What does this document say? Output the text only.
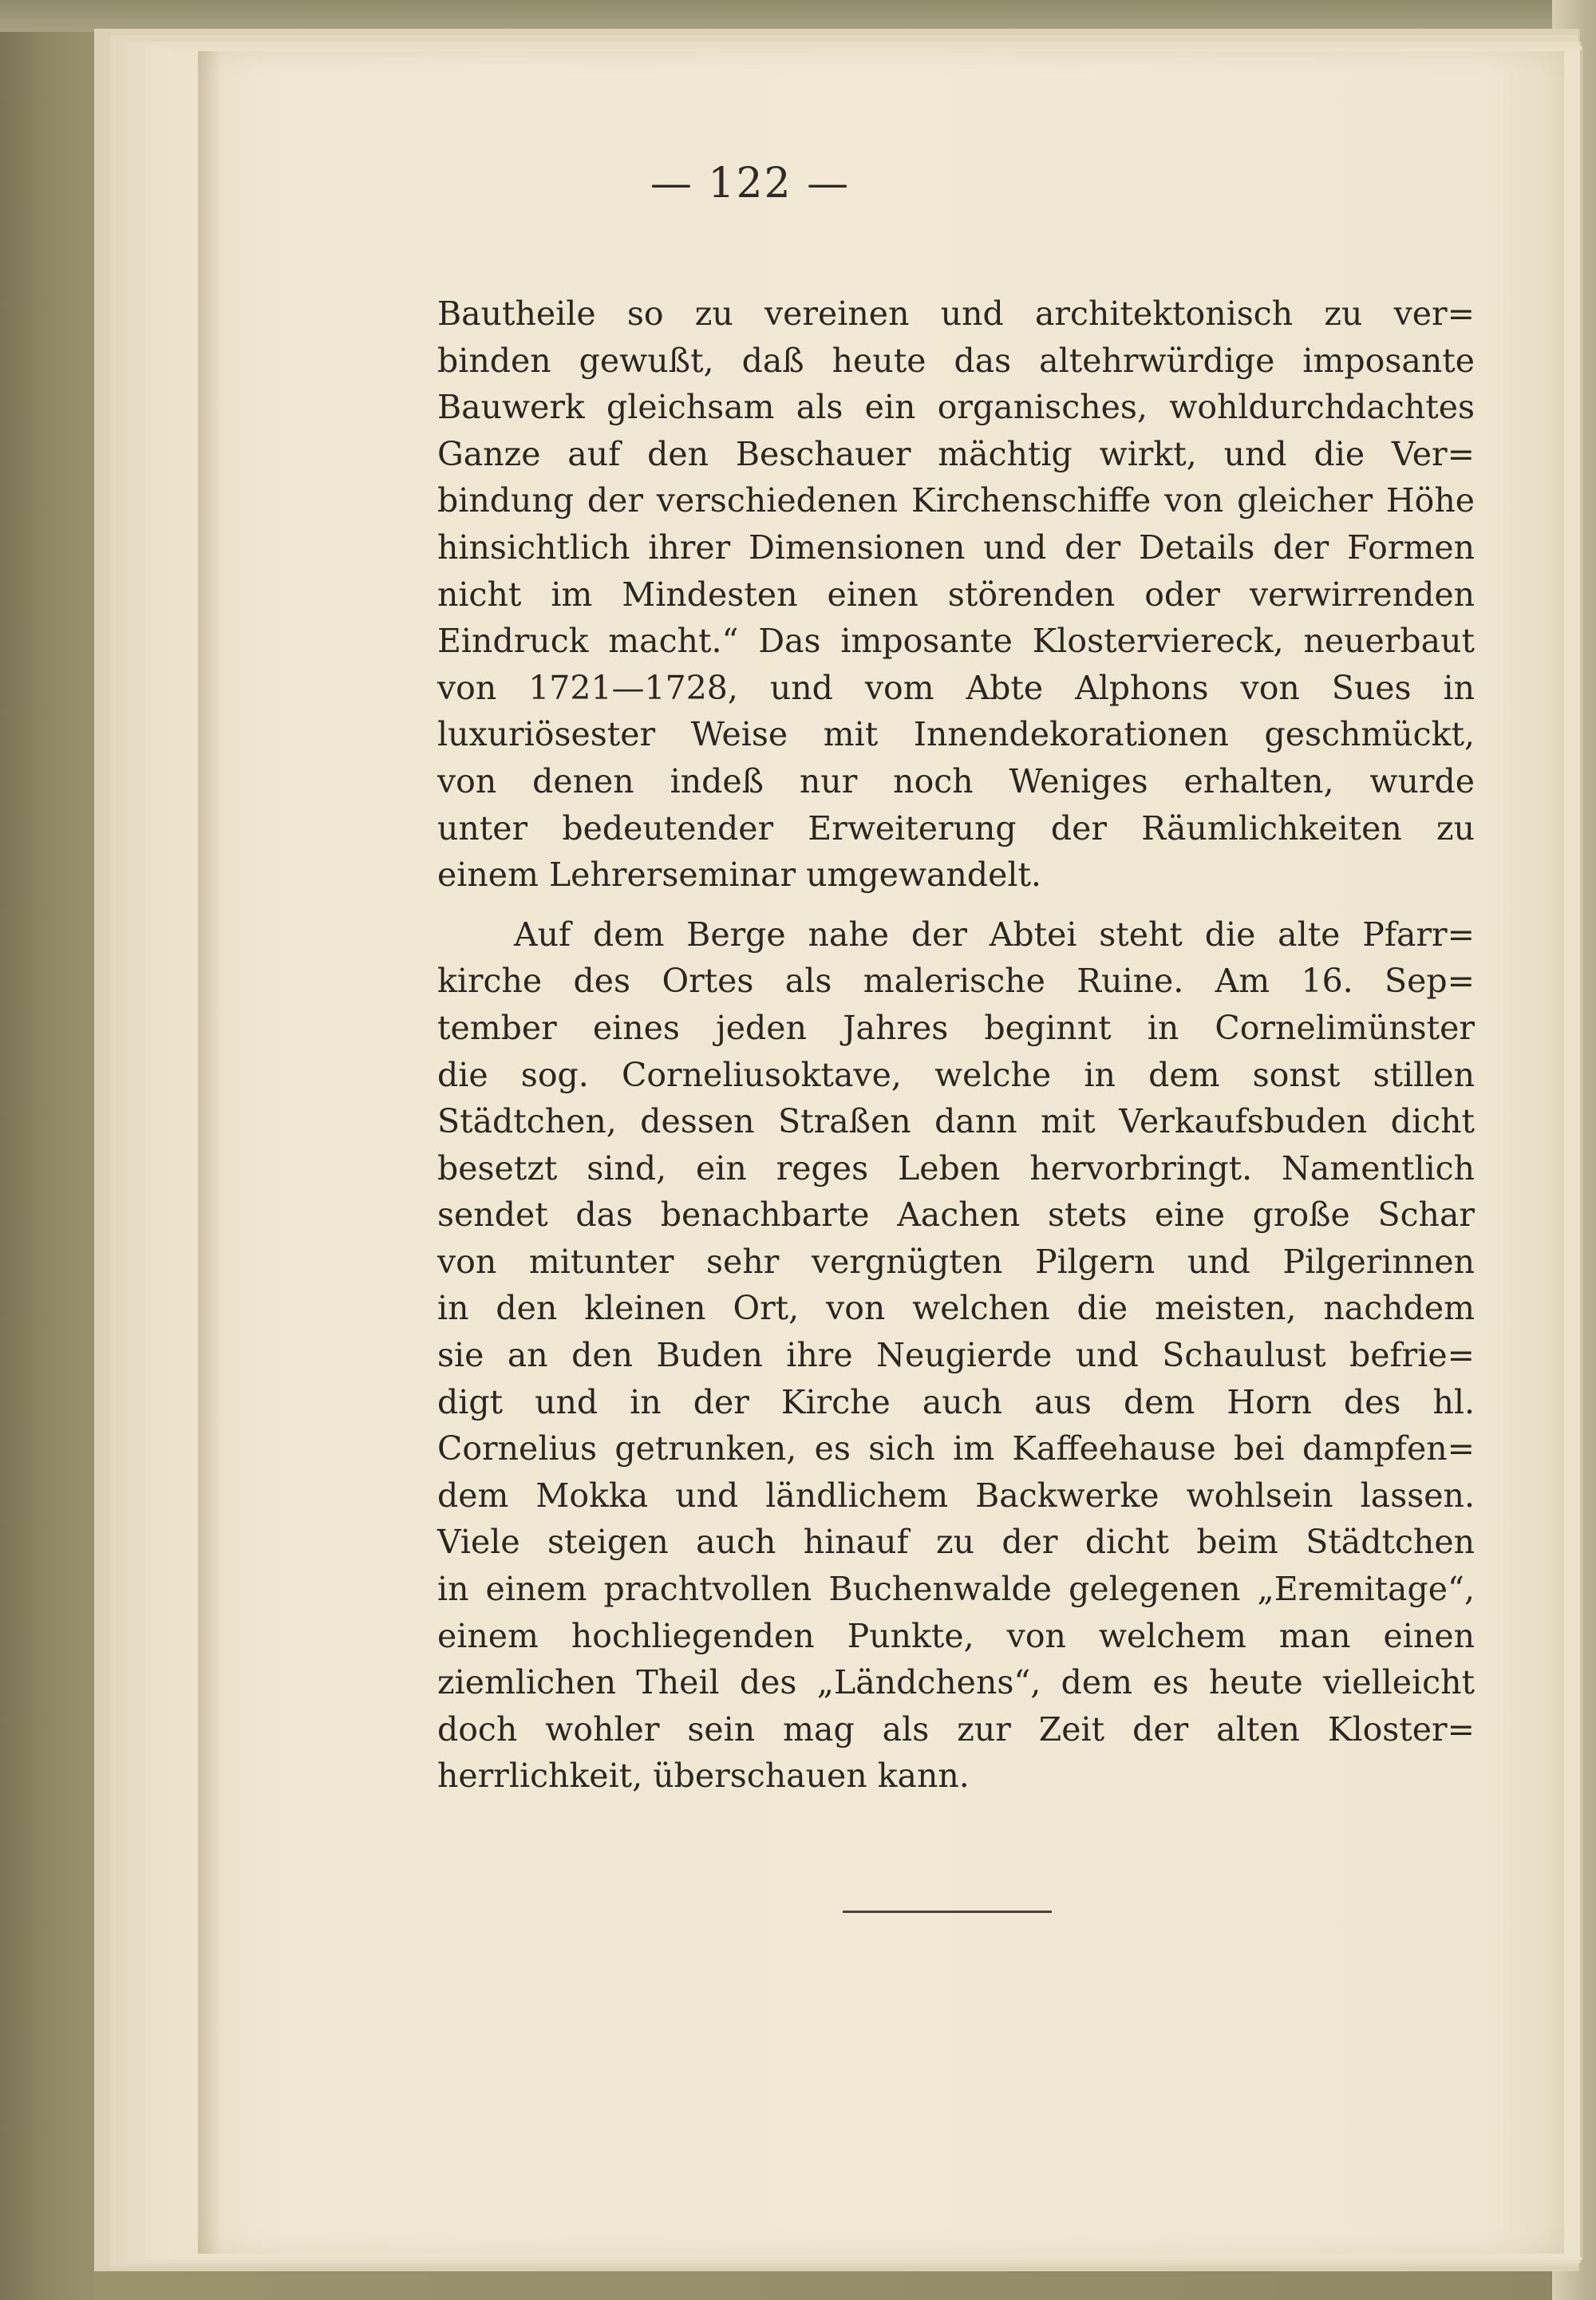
— 122 —

Bautheile so zu vereinen und architektonisch zu ver=

binden gewußt, daß heute das altehrwürdige imposante

Bauwerk gleichsam als ein organisches, wohldurchdachtes

Ganze auf den Beschauer mächtig wirkt, und die Ver=

bindung der verschiedenen Kirchenschiffe von gleicher Höhe

hinsichtlich ihrer Dimensionen und der Details der Formen

nicht im Mindesten einen störenden oder verwirrenden

Eindruck macht.“ Das imposante Klosterviereck, neuerbaut

von 1721—1728, und vom Abte Alphons von Sues in

luxuriösester Weise mit Innendekorationen geschmückt,

von denen indeß nur noch Weniges erhalten, wurde

unter bedeutender Erweiterung der Räumlichkeiten zu

einem Lehrerseminar umgewandelt.

Auf dem Berge nahe der Abtei steht die alte Pfarr=

kirche des Ortes als malerische Ruine. Am 16. Sep=

tember eines jeden Jahres beginnt in Cornelimünster

die sog. Corneliusoktave, welche in dem sonst stillen

Städtchen, dessen Straßen dann mit Verkaufsbuden dicht

besetzt sind, ein reges Leben hervorbringt. Namentlich

sendet das benachbarte Aachen stets eine große Schar

von mitunter sehr vergnügten Pilgern und Pilgerinnen

in den kleinen Ort, von welchen die meisten, nachdem

sie an den Buden ihre Neugierde und Schaulust befrie=

digt und in der Kirche auch aus dem Horn des hl.

Cornelius getrunken, es sich im Kaffeehause bei dampfen=

dem Mokka und ländlichem Backwerke wohlsein lassen.

Viele steigen auch hinauf zu der dicht beim Städtchen

in einem prachtvollen Buchenwalde gelegenen „Eremitage“,

einem hochliegenden Punkte, von welchem man einen

ziemlichen Theil des „Ländchens“, dem es heute vielleicht

doch wohler sein mag als zur Zeit der alten Kloster=

herrlichkeit, überschauen kann.
